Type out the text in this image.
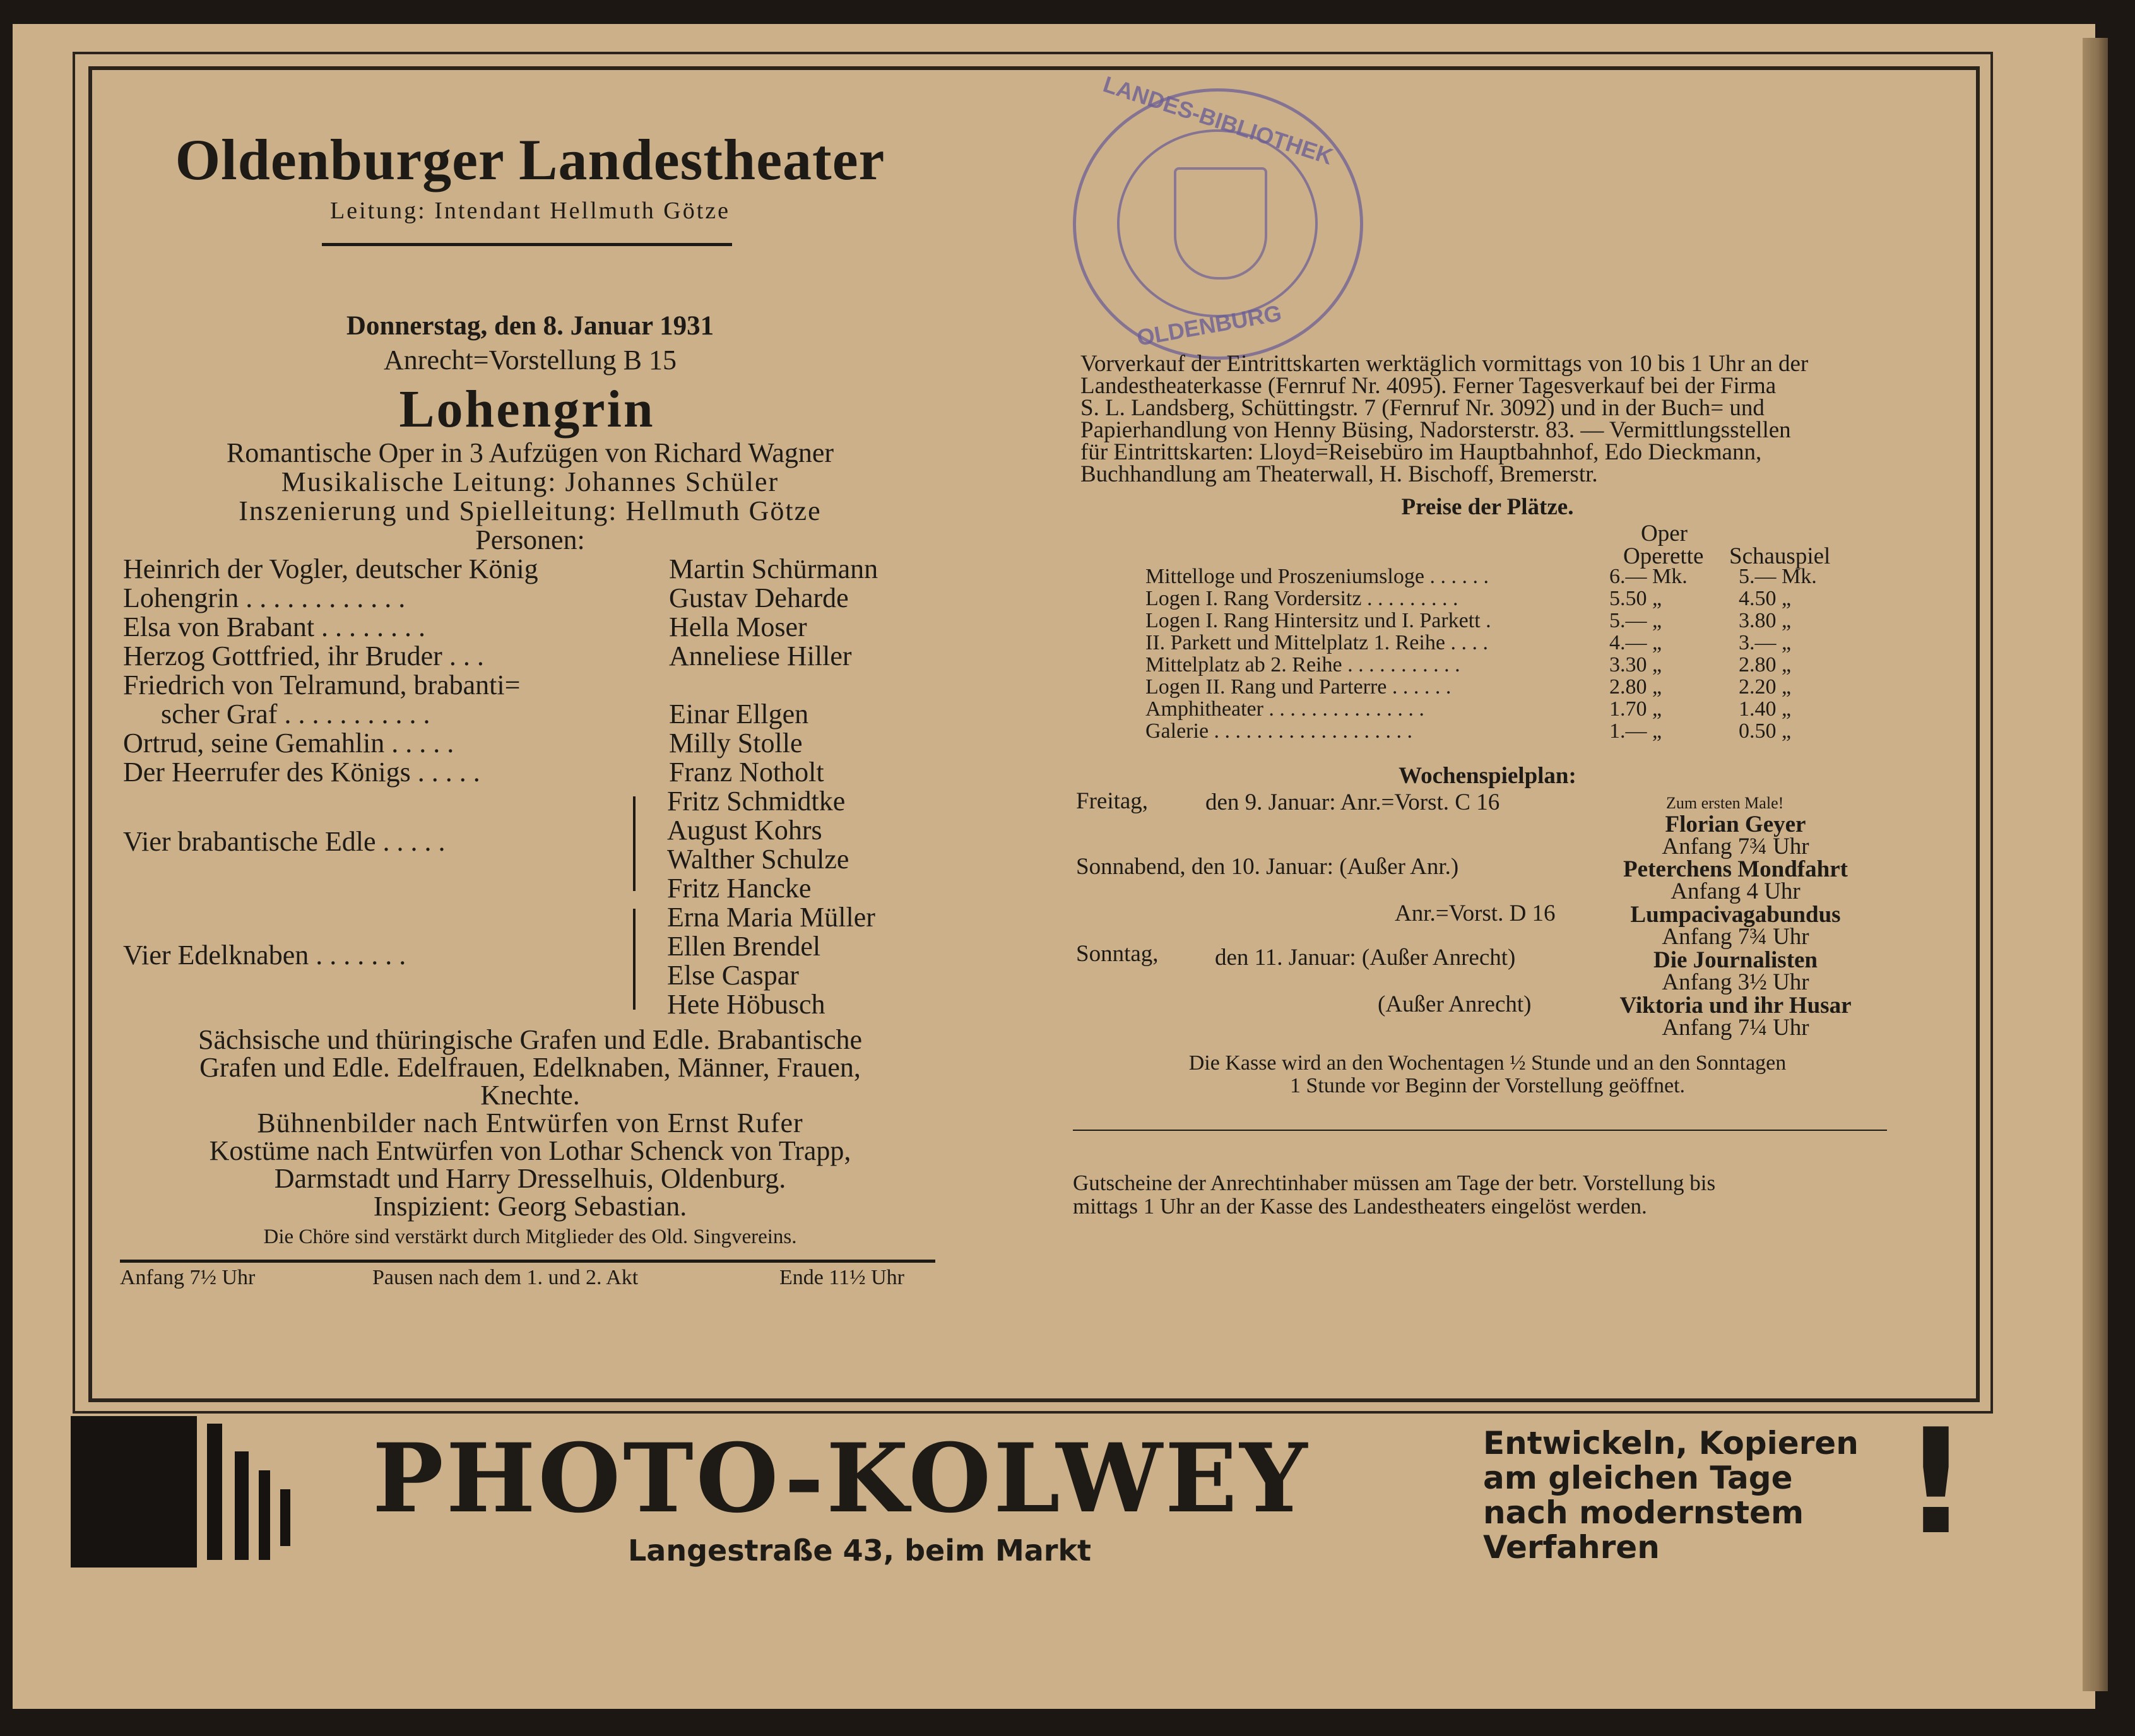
Oldenburger Landestheater
Leitung: Intendant Hellmuth Götze
Donnerstag, den 8. Januar 1931
Anrecht=Vorstellung B 15
Lohengrin
Romantische Oper in 3 Aufzügen von Richard Wagner
Musikalische Leitung: Johannes Schüler
Inszenierung und Spielleitung: Hellmuth Götze
Personen:
Heinrich der Vogler, deutscher König	Martin Schürmann
Lohengrin . . . . . . . . . . . .	Gustav Deharde
Elsa von Brabant . . . . . . . .	Hella Moser
Herzog Gottfried, ihr Bruder . . .	Anneliese Hiller
Friedrich von Telramund, brabanti=
scher Graf . . . . . . . . . . .	Einar Ellgen
Ortrud, seine Gemahlin . . . . .	Milly Stolle
Der Heerrufer des Königs . . . . .	Franz Notholt
Vier brabantische Edle . . . . .
Fritz Schmidtke
August Kohrs
Walther Schulze
Fritz Hancke
Vier Edelknaben . . . . . . .
Erna Maria Müller
Ellen Brendel
Else Caspar
Hete Höbusch
Sächsische und thüringische Grafen und Edle. Brabantische
Grafen und Edle. Edelfrauen, Edelknaben, Männer, Frauen,
Knechte.
Bühnenbilder nach Entwürfen von Ernst Rufer
Kostüme nach Entwürfen von Lothar Schenck von Trapp,
Darmstadt und Harry Dresselhuis, Oldenburg.
Inspizient: Georg Sebastian.
Die Chöre sind verstärkt durch Mitglieder des Old. Singvereins.
Anfang 7½ Uhr	Pausen nach dem 1. und 2. Akt	Ende 11½ Uhr
LANDES-BIBLIOTHEK
OLDENBURG
Vorverkauf der Eintrittskarten werktäglich vormittags von 10 bis 1 Uhr an der
Landestheaterkasse (Fernruf Nr. 4095). Ferner Tagesverkauf bei der Firma
S. L. Landsberg, Schüttingstr. 7 (Fernruf Nr. 3092) und in der Buch= und
Papierhandlung von Henny Büsing, Nadorsterstr. 83. — Vermittlungsstellen
für Eintrittskarten: Lloyd=Reisebüro im Hauptbahnhof, Edo Dieckmann,
Buchhandlung am Theaterwall, H. Bischoff, Bremerstr.
Preise der Plätze.
Oper
Operette Schauspiel
Mittelloge und Proszeniumsloge . . . . . .	6.— Mk. 5.— Mk.
Logen I. Rang Vordersitz . . . . . . . . .	5.50 „	4.50 „
Logen I. Rang Hintersitz und I. Parkett .	5.— „	3.80 „
II. Parkett und Mittelplatz 1. Reihe . . . .	4.— „	3.— „
Mittelplatz ab 2. Reihe . . . . . . . . . . .	3.30 „	2.80 „
Logen II. Rang und Parterre . . . . . .	2.80 „	2.20 „
Amphitheater . . . . . . . . . . . . . . .	1.70 „	1.40 „
Galerie . . . . . . . . . . . . . . . . . . .	1.— „	0.50 „
Wochenspielplan:
Freitag, den 9. Januar: Anr.=Vorst. C 16	Zum ersten Male!
Florian Geyer
Anfang 7¾ Uhr
Sonnabend, den 10. Januar: (Außer Anr.)	Peterchens Mondfahrt
Anfang 4 Uhr
Anr.=Vorst. D 16	Lumpacivagabundus
Anfang 7¾ Uhr
Sonntag, den 11. Januar: (Außer Anrecht)	Die Journalisten
Anfang 3½ Uhr
(Außer Anrecht)	Viktoria und ihr Husar
Anfang 7¼ Uhr
Die Kasse wird an den Wochentagen ½ Stunde und an den Sonntagen
1 Stunde vor Beginn der Vorstellung geöffnet.
Gutscheine der Anrechtinhaber müssen am Tage der betr. Vorstellung bis
mittags 1 Uhr an der Kasse des Landestheaters eingelöst werden.
PHOTO-KOLWEY
Langestraße 43, beim Markt
Entwickeln, Kopieren
am gleichen Tage
nach modernstem
Verfahren !
